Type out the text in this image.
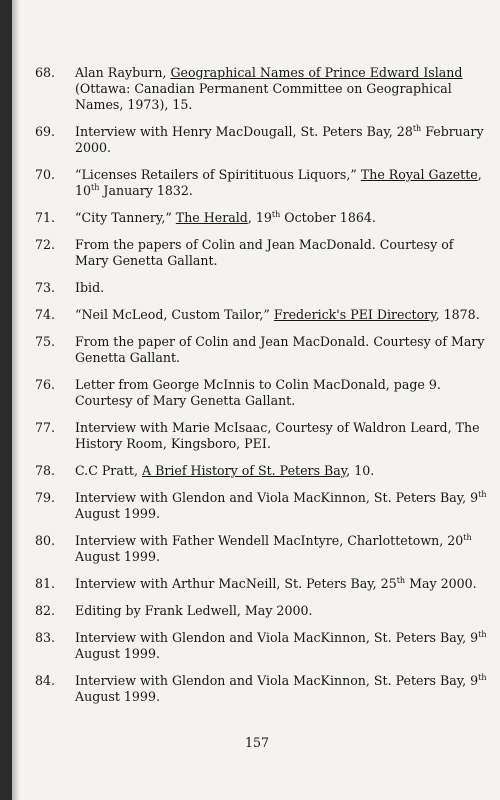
68.	Alan Rayburn, Geographical Names of Prince Edward Island (Ottawa: Canadian Permanent Committee on Geographical Names, 1973), 15.
69.	Interview with Henry MacDougall, St. Peters Bay, 28th February 2000.
70.	“Licenses Retailers of Spiritituous Liquors,” The Royal Gazette, 10th January 1832.
71.	“City Tannery,” The Herald, 19th October 1864.
72.	From the papers of Colin and Jean MacDonald. Courtesy of Mary Genetta Gallant.
73.	Ibid.
74.	“Neil McLeod, Custom Tailor,” Frederick's PEI Directory, 1878.
75.	From the paper of Colin and Jean MacDonald. Courtesy of Mary Genetta Gallant.
76.	Letter from George McInnis to Colin MacDonald, page 9. Courtesy of Mary Genetta Gallant.
77.	Interview with Marie McIsaac, Courtesy of Waldron Leard, The History Room, Kingsboro, PEI.
78.	C.C Pratt, A Brief History of St. Peters Bay, 10.
79.	Interview with Glendon and Viola MacKinnon, St. Peters Bay, 9th August 1999.
80.	Interview with Father Wendell MacIntyre, Charlottetown, 20th August 1999.
81.	Interview with Arthur MacNeill, St. Peters Bay, 25th May 2000.
82.	Editing by Frank Ledwell, May 2000.
83.	Interview with Glendon and Viola MacKinnon, St. Peters Bay, 9th August 1999.
84.	Interview with Glendon and Viola MacKinnon, St. Peters Bay, 9th August 1999.
157
